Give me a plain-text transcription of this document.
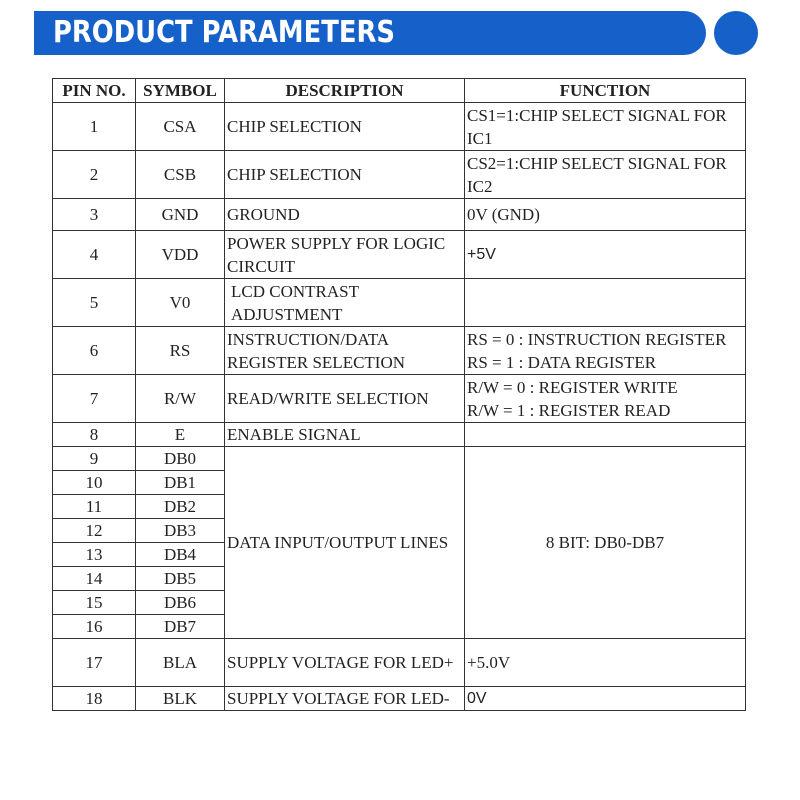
PRODUCT PARAMETERS
PIN NO.	SYMBOL	DESCRIPTION	FUNCTION
1	CSA	CHIP SELECTION	CS1=1:CHIP SELECT SIGNAL FOR IC1
2	CSB	CHIP SELECTION	CS2=1:CHIP SELECT SIGNAL FOR IC2
3	GND	GROUND	0V (GND)
4	VDD	POWER SUPPLY FOR LOGIC CIRCUIT	+5V
5	V0	LCD CONTRAST ADJUSTMENT	
6	RS	INSTRUCTION/DATA REGISTER SELECTION	RS = 0 : INSTRUCTION REGISTER
RS = 1 : DATA REGISTER

7	R/W	READ/WRITE SELECTION	R/W = 0 : REGISTER WRITE
R/W = 1 : REGISTER READ

8	E	ENABLE SIGNAL	
9	DB0	DATA INPUT/OUTPUT LINES	8 BIT: DB0-DB7
10	DB1		
11	DB2		
12	DB3		
13	DB4		
14	DB5		
15	DB6		
16	DB7		
17	BLA	SUPPLY VOLTAGE FOR LED+	+5.0V
18	BLK	SUPPLY VOLTAGE FOR LED-	0V
